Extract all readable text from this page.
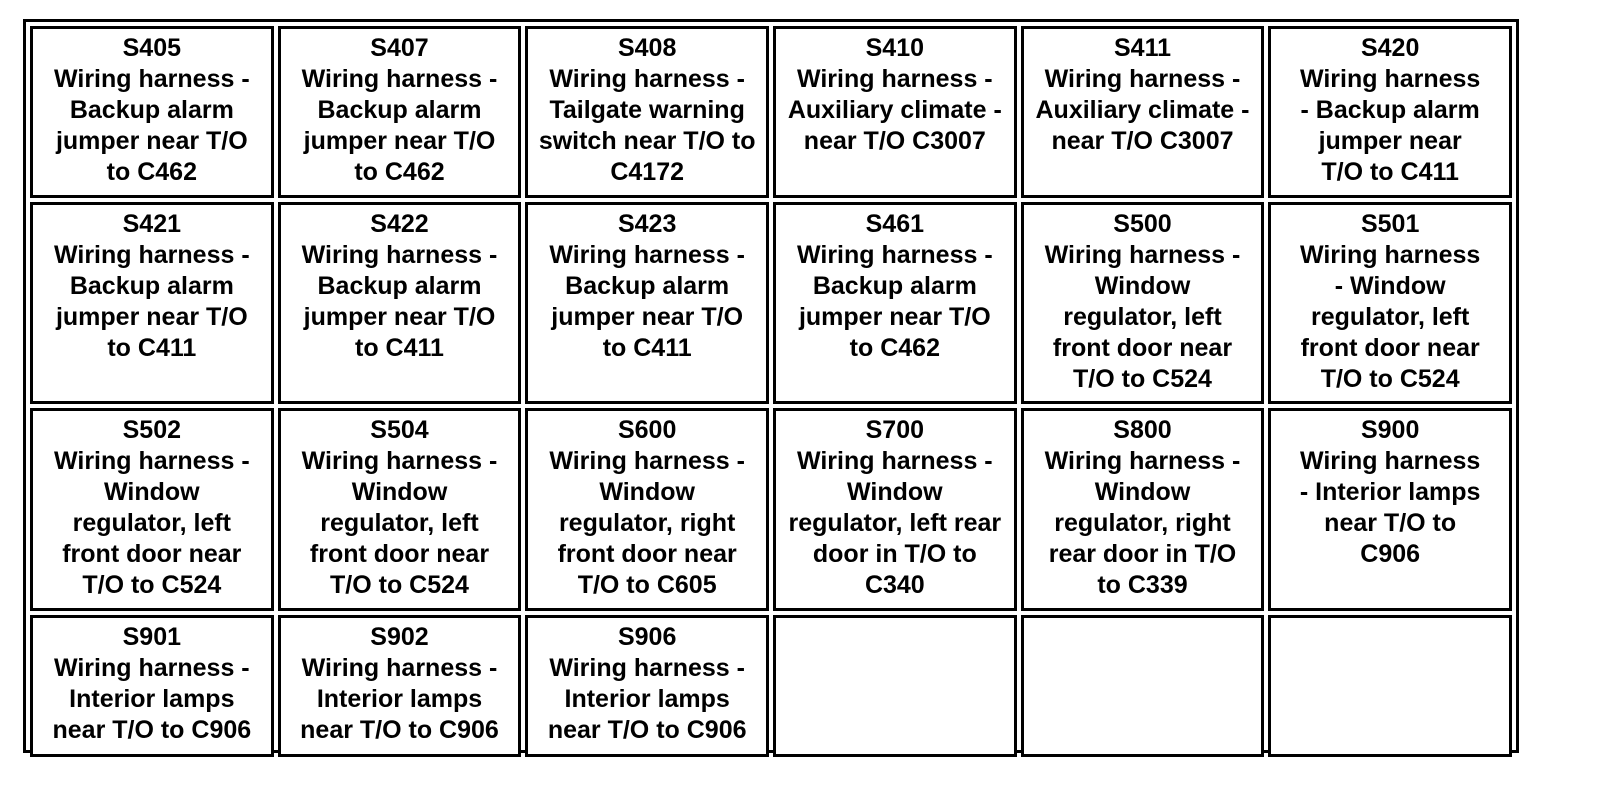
S405
Wiring harness -
Backup alarm
jumper near T/O
to C462
S407
Wiring harness -
Backup alarm
jumper near T/O
to C462
S408
Wiring harness -
Tailgate warning
switch near T/O to
C4172
S410
Wiring harness -
Auxiliary climate -
near T/O C3007
S411
Wiring harness -
Auxiliary climate -
near T/O C3007
S420
Wiring harness
- Backup alarm
jumper near
T/O to C411
S421
Wiring harness -
Backup alarm
jumper near T/O
to C411
S422
Wiring harness -
Backup alarm
jumper near T/O
to C411
S423
Wiring harness -
Backup alarm
jumper near T/O
to C411
S461
Wiring harness -
Backup alarm
jumper near T/O
to C462
S500
Wiring harness -
Window
regulator, left
front door near
T/O to C524
S501
Wiring harness
- Window
regulator, left
front door near
T/O to C524
S502
Wiring harness -
Window
regulator, left
front door near
T/O to C524
S504
Wiring harness -
Window
regulator, left
front door near
T/O to C524
S600
Wiring harness -
Window
regulator, right
front door near
T/O to C605
S700
Wiring harness -
Window
regulator, left rear
door in T/O to
C340
S800
Wiring harness -
Window
regulator, right
rear door in T/O
to C339
S900
Wiring harness
- Interior lamps
near T/O to
C906
S901
Wiring harness -
Interior lamps
near T/O to C906
S902
Wiring harness -
Interior lamps
near T/O to C906
S906
Wiring harness -
Interior lamps
near T/O to C906
